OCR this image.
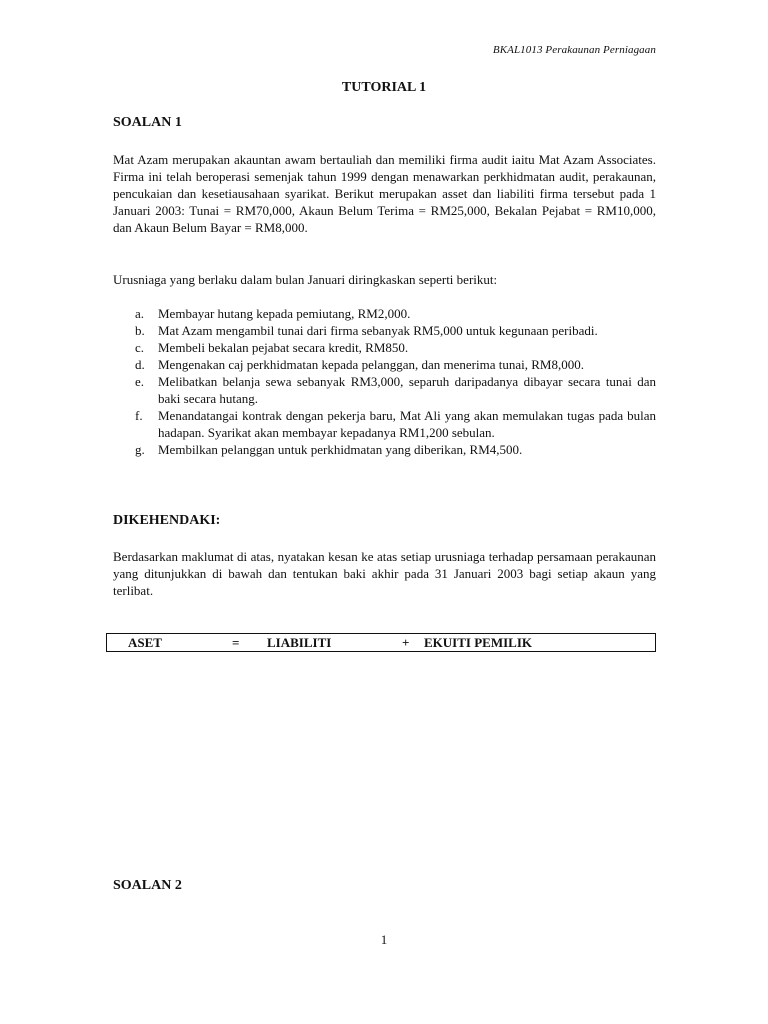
BKAL1013 Perakaunan Perniagaan
TUTORIAL 1
SOALAN 1
Mat Azam merupakan akauntan awam bertauliah dan memiliki firma audit iaitu Mat Azam Associates. Firma ini telah beroperasi semenjak tahun 1999 dengan menawarkan perkhidmatan audit, perakaunan, pencukaian dan kesetiausahaan syarikat. Berikut merupakan asset dan liabiliti firma tersebut pada 1 Januari 2003: Tunai = RM70,000, Akaun Belum Terima = RM25,000, Bekalan Pejabat = RM10,000, dan Akaun Belum Bayar = RM8,000.
Urusniaga yang berlaku dalam bulan Januari diringkaskan seperti berikut:
a. Membayar hutang kepada pemiutang, RM2,000.
b. Mat Azam mengambil tunai dari firma sebanyak RM5,000 untuk kegunaan peribadi.
c. Membeli bekalan pejabat secara kredit, RM850.
d. Mengenakan caj perkhidmatan kepada pelanggan, dan menerima tunai, RM8,000.
e. Melibatkan belanja sewa sebanyak RM3,000, separuh daripadanya dibayar secara tunai dan baki secara hutang.
f. Menandatangai kontrak dengan pekerja baru, Mat Ali yang akan memulakan tugas pada bulan hadapan. Syarikat akan membayar kepadanya RM1,200 sebulan.
g. Membilkan pelanggan untuk perkhidmatan yang diberikan, RM4,500.
DIKEHENDAKI:
Berdasarkan maklumat di atas, nyatakan kesan ke atas setiap urusniaga terhadap persamaan perakaunan yang ditunjukkan di bawah dan tentukan baki akhir pada 31 Januari 2003 bagi setiap akaun yang terlibat.
ASET	= LIABILITI	+ EKUITI PEMILIK
SOALAN 2
1
